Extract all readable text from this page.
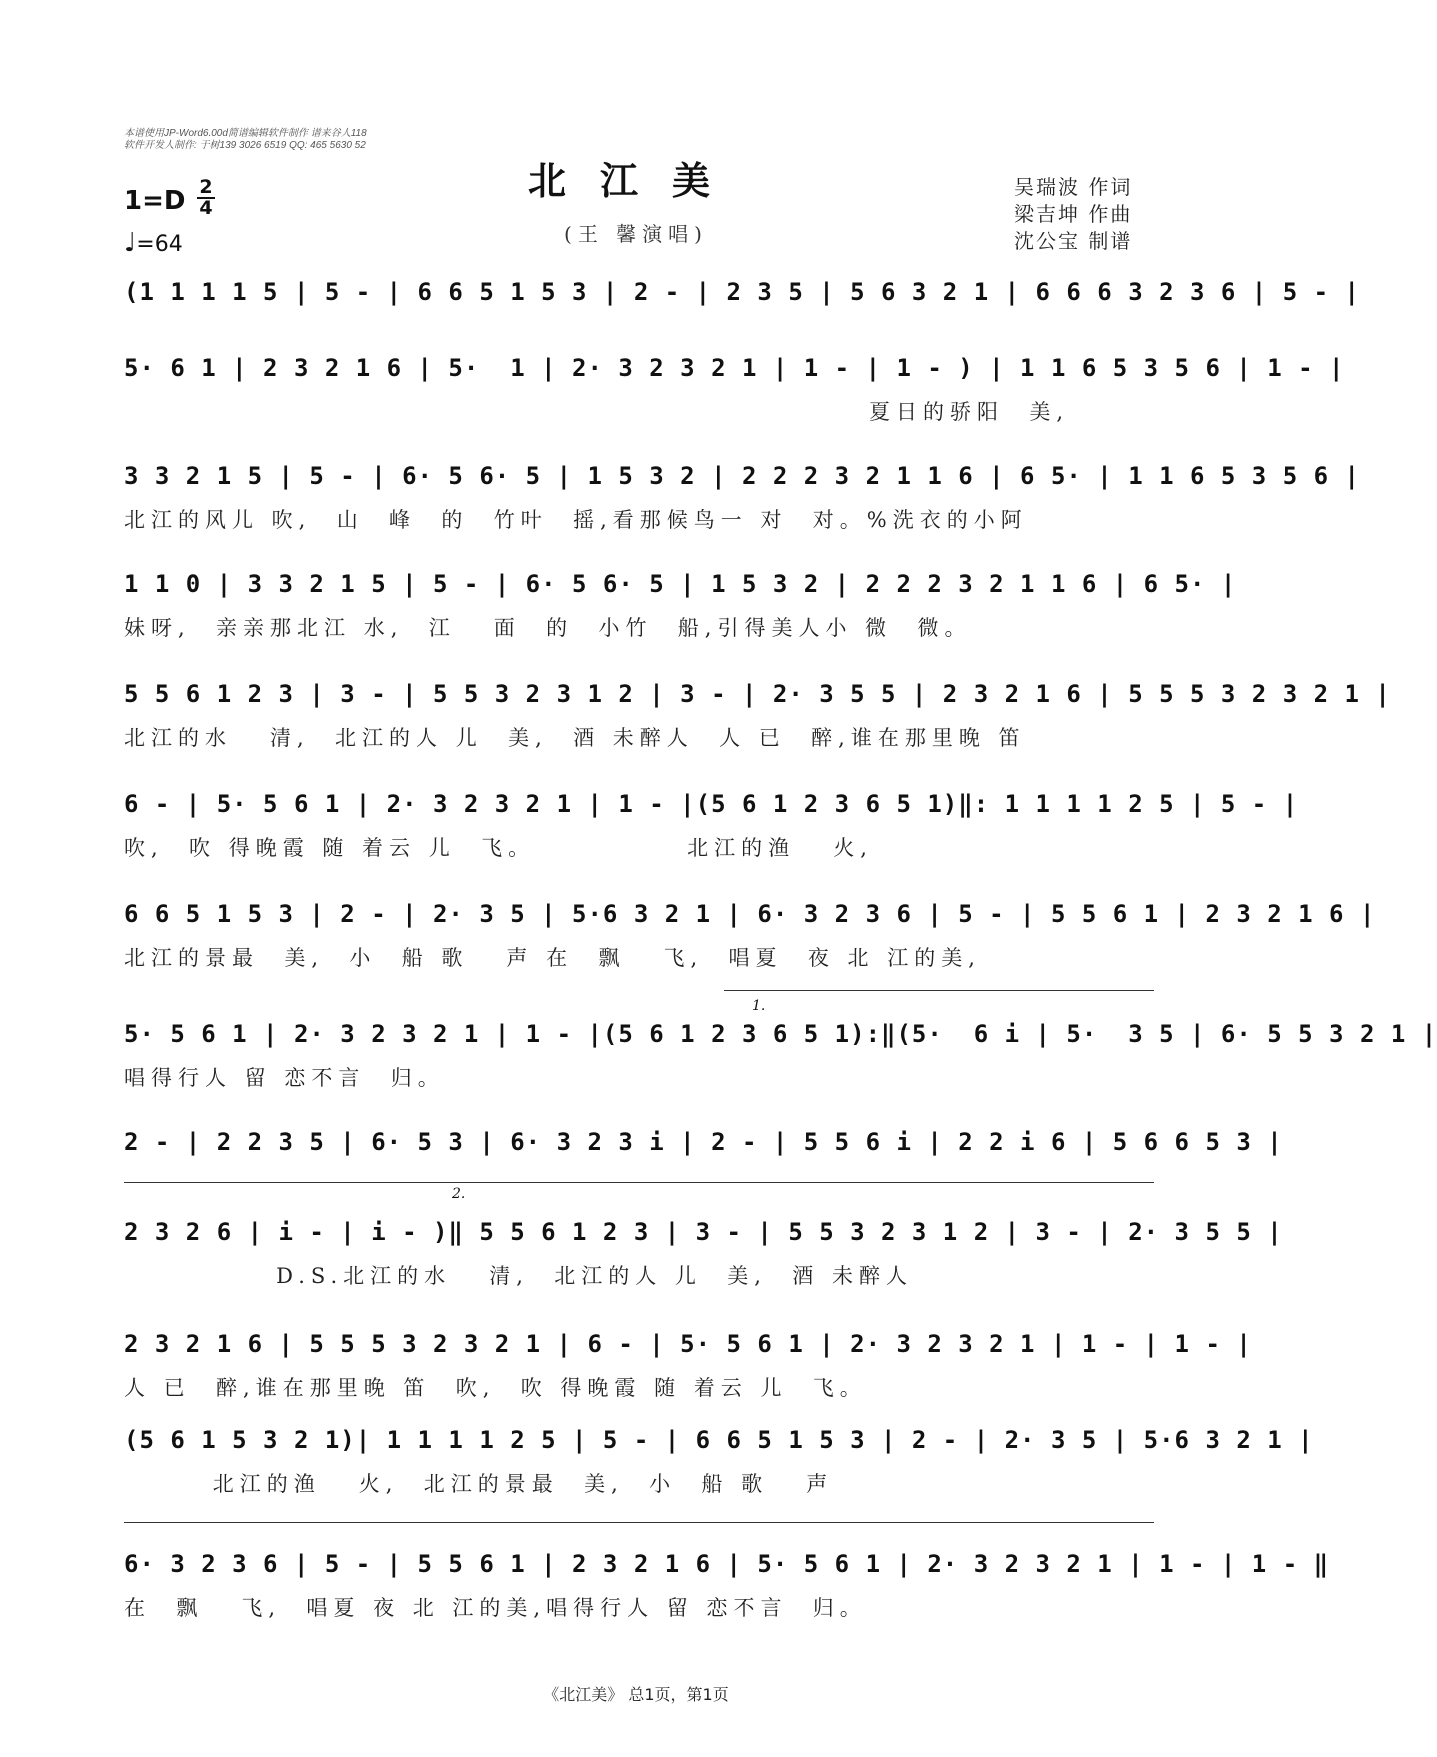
本谱使用JP-Word6.00d简谱编辑软件制作 谱来谷人118
软件开发人制作: 于树139 3026 6519 QQ: 465 5630 52
北江美
(王 馨演唱)
1=D 2
4
♩=64
吴瑞波 作词
梁吉坤 作曲
沈公宝 制谱
(1 1 1 1 5 | 5 - | 6 6 5 1 5 3 | 2 - | 2 3 5 | 5 6 3 2 1 | 6 6 6 3 2 3 6 | 5 - |
5· 6 1 | 2 3 2 1 6 | 5·  1 | 2· 3 2 3 2 1 | 1 - | 1 - ) | 1 1 6 5 3 5 6 | 1 - |
夏日的骄阳  美,
3 3 2 1 5 | 5 - | 6· 5 6· 5 | 1 5 3 2 | 2 2 2 3 2 1 1 6 | 6 5· | 1 1 6 5 3 5 6 |
北江的风儿 吹,  山  峰  的  竹叶  摇,看那候鸟一 对  对。%洗衣的小阿
1 1 0 | 3 3 2 1 5 | 5 - | 6· 5 6· 5 | 1 5 3 2 | 2 2 2 3 2 1 1 6 | 6 5· |
妹呀,  亲亲那北江 水,  江   面  的  小竹  船,引得美人小 微  微。
5 5 6 1 2 3 | 3 - | 5 5 3 2 3 1 2 | 3 - | 2· 3 5 5 | 2 3 2 1 6 | 5 5 5 3 2 3 2 1 |
北江的水   清,  北江的人 儿  美,  酒 未醉人  人 已  醉,谁在那里晚 笛
6 - | 5· 5 6 1 | 2· 3 2 3 2 1 | 1 - |(5 6 1 2 3 6 5 1)‖: 1 1 1 1 2 5 | 5 - |
吹,  吹 得晚霞 随 着云 儿  飞。            北江的渔   火,
6 6 5 1 5 3 | 2 - | 2· 3 5 | 5·6 3 2 1 | 6· 3 2 3 6 | 5 - | 5 5 6 1 | 2 3 2 1 6 |
北江的景最  美,  小  船 歌   声 在  飘   飞,  唱夏  夜 北 江的美,
1.
5· 5 6 1 | 2· 3 2 3 2 1 | 1 - |(5 6 1 2 3 6 5 1):‖(5·  6 i | 5·  3 5 | 6· 5 5 3 2 1 |
唱得行人 留 恋不言  归。
2 - | 2 2 3 5 | 6· 5 3 | 6· 3 2 3 i | 2 - | 5 5 6 i | 2 2 i 6 | 5 6 6 5 3 |
2.
2 3 2 6 | i - | i - )‖ 5 5 6 1 2 3 | 3 - | 5 5 3 2 3 1 2 | 3 - | 2· 3 5 5 |
D.S.北江的水   清,  北江的人 儿  美,  酒 未醉人
2 3 2 1 6 | 5 5 5 3 2 3 2 1 | 6 - | 5· 5 6 1 | 2· 3 2 3 2 1 | 1 - | 1 - |
人 已  醉,谁在那里晚 笛  吹,  吹 得晚霞 随 着云 儿  飞。
(5 6 1 5 3 2 1)| 1 1 1 1 2 5 | 5 - | 6 6 5 1 5 3 | 2 - | 2· 3 5 | 5·6 3 2 1 |
北江的渔   火,  北江的景最  美,  小  船 歌   声
6· 3 2 3 6 | 5 - | 5 5 6 1 | 2 3 2 1 6 | 5· 5 6 1 | 2· 3 2 3 2 1 | 1 - | 1 - ‖
在  飘   飞,  唱夏 夜 北 江的美,唱得行人 留 恋不言  归。
《北江美》 总1页，第1页
